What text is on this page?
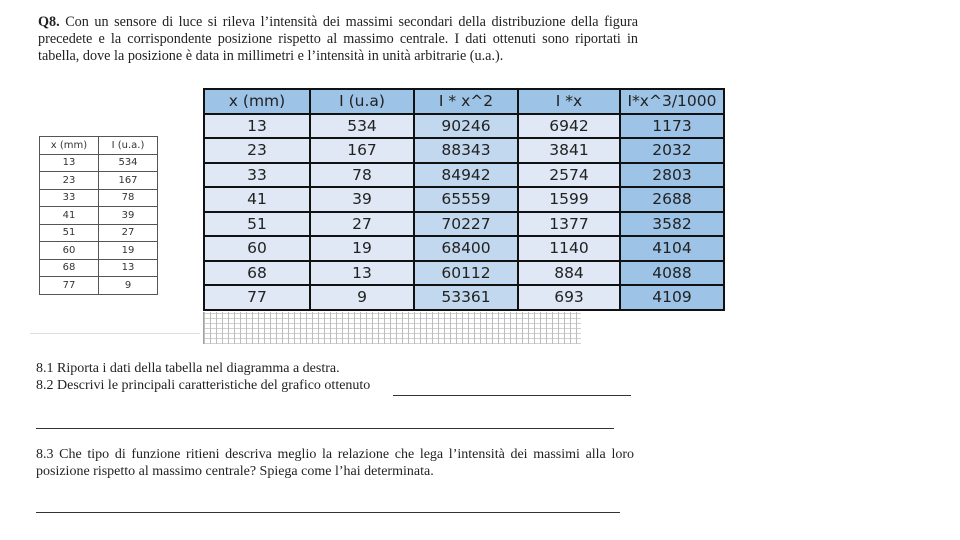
Q8. Con un sensore di luce si rileva l’intensità dei massimi secondari della distribuzione della figura precedete e la corrispondente posizione rispetto al massimo centrale. I dati ottenuti sono riportati in tabella, dove la posizione è data in millimetri e l’intensità in unità arbitrarie (u.a.).
x (mm)	I (u.a.)
13	534
23	167
33	78
41	39
51	27
60	19
68	13
77	9
x (mm)	I (u.a)	I * x^2	I *x	I*x^3/1000
13	534	90246	6942	1173
23	167	88343	3841	2032
33	78	84942	2574	2803
41	39	65559	1599	2688
51	27	70227	1377	3582
60	19	68400	1140	4104
68	13	60112	884	4088
77	9	53361	693	4109
8.1 Riporta i dati della tabella nel diagramma a destra.
8.2 Descrivi le principali caratteristiche del grafico ottenuto
8.3 Che tipo di funzione ritieni descriva meglio la relazione che lega l’intensità dei massimi alla loro posizione rispetto al massimo centrale? Spiega come l’hai determinata.
